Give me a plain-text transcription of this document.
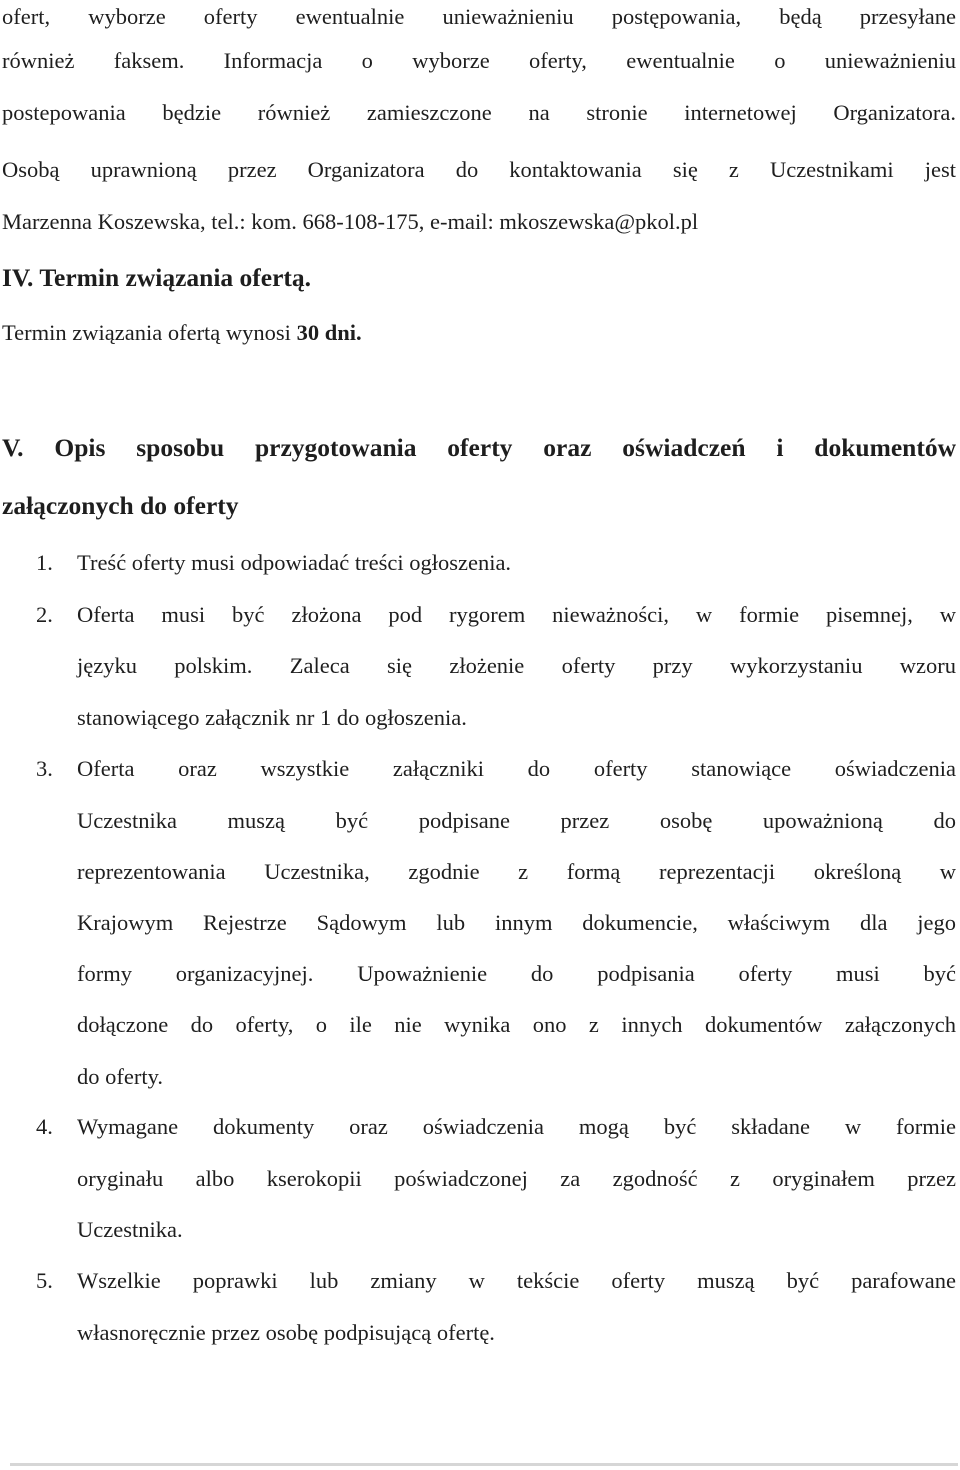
ofert, wyborze oferty ewentualnie unieważnieniu postępowania, będą przesyłane
również faksem. Informacja o wyborze oferty, ewentualnie o unieważnieniu
postepowania będzie również zamieszczone na stronie internetowej Organizatora.
Osobą uprawnioną przez Organizatora do kontaktowania się z Uczestnikami jest
Marzenna Koszewska, tel.: kom. 668-108-175, e-mail: mkoszewska@pkol.pl
IV. Termin związania ofertą.
Termin związania ofertą wynosi 30 dni.
V. Opis sposobu przygotowania oferty oraz oświadczeń i dokumentów
załączonych do oferty
1.	Treść oferty musi odpowiadać treści ogłoszenia.
2.	Oferta musi być złożona pod rygorem nieważności, w formie pisemnej, w
języku polskim. Zaleca się złożenie oferty przy wykorzystaniu wzoru
stanowiącego załącznik nr 1 do ogłoszenia.
3.	Oferta oraz wszystkie załączniki do oferty stanowiące oświadczenia
Uczestnika muszą być podpisane przez osobę upoważnioną do
reprezentowania Uczestnika, zgodnie z formą reprezentacji określoną w
Krajowym Rejestrze Sądowym lub innym dokumencie, właściwym dla jego
formy organizacyjnej. Upoważnienie do podpisania oferty musi być
dołączone do oferty, o ile nie wynika ono z innych dokumentów załączonych
do oferty.
4.	Wymagane dokumenty oraz oświadczenia mogą być składane w formie
oryginału albo kserokopii poświadczonej za zgodność z oryginałem przez
Uczestnika.
5.	Wszelkie poprawki lub zmiany w tekście oferty muszą być parafowane
własnoręcznie przez osobę podpisującą ofertę.
